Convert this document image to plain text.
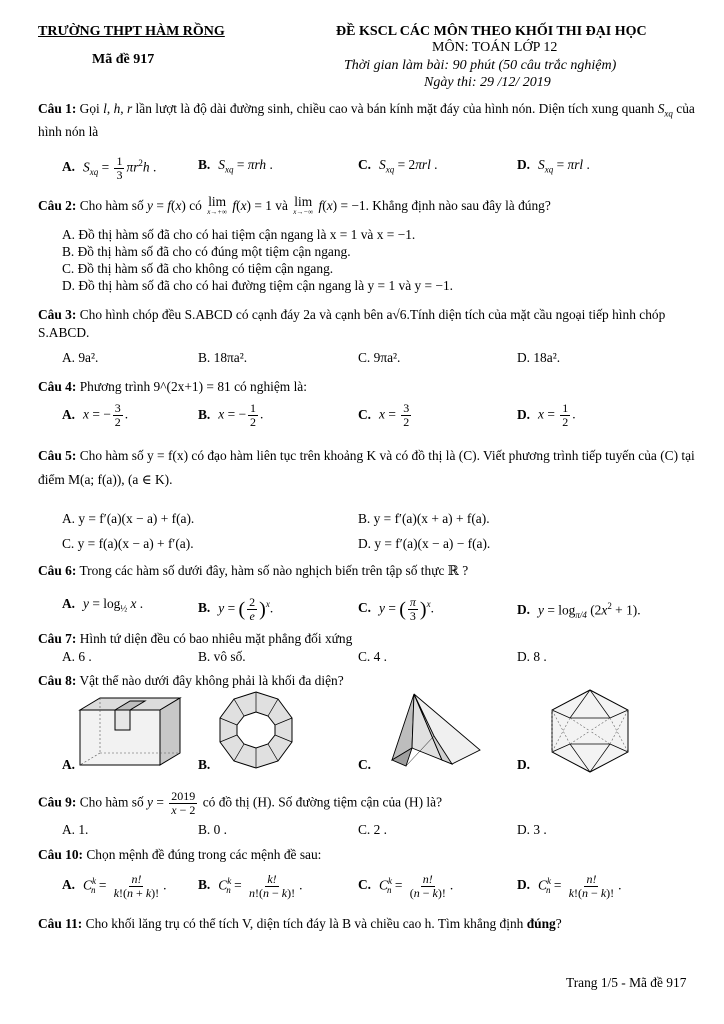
TRƯỜNG THPT HÀM RỒNG
Mã đề 917
ĐỀ KSCL CÁC MÔN THEO KHỐI THI ĐẠI HỌC
MÔN: TOÁN LỚP 12
Thời gian làm bài: 90 phút (50 câu trắc nghiệm)
Ngày thi: 29 /12/ 2019
Câu 1: Gọi l, h, r lần lượt là độ dài đường sinh, chiều cao và bán kính mặt đáy của hình nón. Diện tích xung quanh $S_{xq}$ của hình nón là
A. $S_{xq} = \frac{1}{3} \pi r^2h$ .	B. $S_{xq} = \pi rh$ .	C. $S_{xq} = 2\pi rl$ .	D. $S_{xq} = \pi rl$ .
Câu 2: Cho hàm số y = f(x) có lim
x→+∞ f(x) = 1 và lim
x→−∞ f(x) = −1. Khẳng định nào sau đây là đúng?
A. Đồ thị hàm số đã cho có hai tiệm cận ngang là x = 1 và x = −1.
B. Đồ thị hàm số đã cho có đúng một tiệm cận ngang.
C. Đồ thị hàm số đã cho không có tiệm cận ngang.
D. Đồ thị hàm số đã cho có hai đường tiệm cận ngang là y = 1 và y = −1.
Câu 3: Cho hình chóp đều S.ABCD có cạnh đáy 2a và cạnh bên a√6.Tính diện tích của mặt cầu ngoại tiếp hình chóp S.ABCD.
A. 9a².	B. 18πa².	C. 9πa².	D. 18a².
Câu 4: Phương trình 9^(2x+1) = 81 có nghiệm là:
A. x = − $\frac{3}{2}$ .	B. x = − $\frac{1}{2}$ .	C. $x = \frac{3}{2}$	D. $x = \frac{1}{2}$ .
Câu 5: Cho hàm số y = f(x) có đạo hàm liên tục trên khoảng K và có đồ thị là (C). Viết phương trình tiếp tuyến của (C) tại điểm M(a; f(a)), (a ∈ K).
A. y = f′(a)(x − a) + f(a).	B. y = f′(a)(x + a) + f(a).
C. y = f(a)(x − a) + f′(a).	D. y = f′(a)(x − a) − f(a).
Câu 6: Trong các hàm số dưới đây, hàm số nào nghịch biến trên tập số thực ℝ ?
A. $y = \log_{\frac{1}{2}} x$ .	B. y = ( $\frac{2}{e} )^x$.	C. y = ( $\frac{\pi}{3} )^x$.	D. $y = \log_{\pi/4} (2x^2 + 1)$.
Câu 7: Hình tứ diện đều có bao nhiêu mặt phẳng đối xứng
A. 6 .	B. vô số.	C. 4 .	D. 8 .
Câu 8: Vật thể nào dưới đây không phải là khối đa diện?
A.	B.	C.	D.
Câu 9: Cho hàm số $y = \frac{2019}{x - 2}$ có đồ thị (H). Số đường tiệm cận của (H) là?
A. 1.	B. 0 .	C. 2 .	D. 3 .
Câu 10: Chọn mệnh đề đúng trong các mệnh đề sau:
A. $C^k_n = \frac{n!}{k!(n + k)!}$ . B. $C^k_n = \frac{k!}{n!(n - k)!}$ .	C. $C^k_n = \frac{n!}{(n - k)!}$ .	D. $C^k_n = \frac{n!}{k!(n - k)!}$ .
Câu 11: Cho khối lăng trụ có thể tích V, diện tích đáy là B và chiều cao h. Tìm khẳng định đúng?
Trang 1/5 - Mã đề 917
